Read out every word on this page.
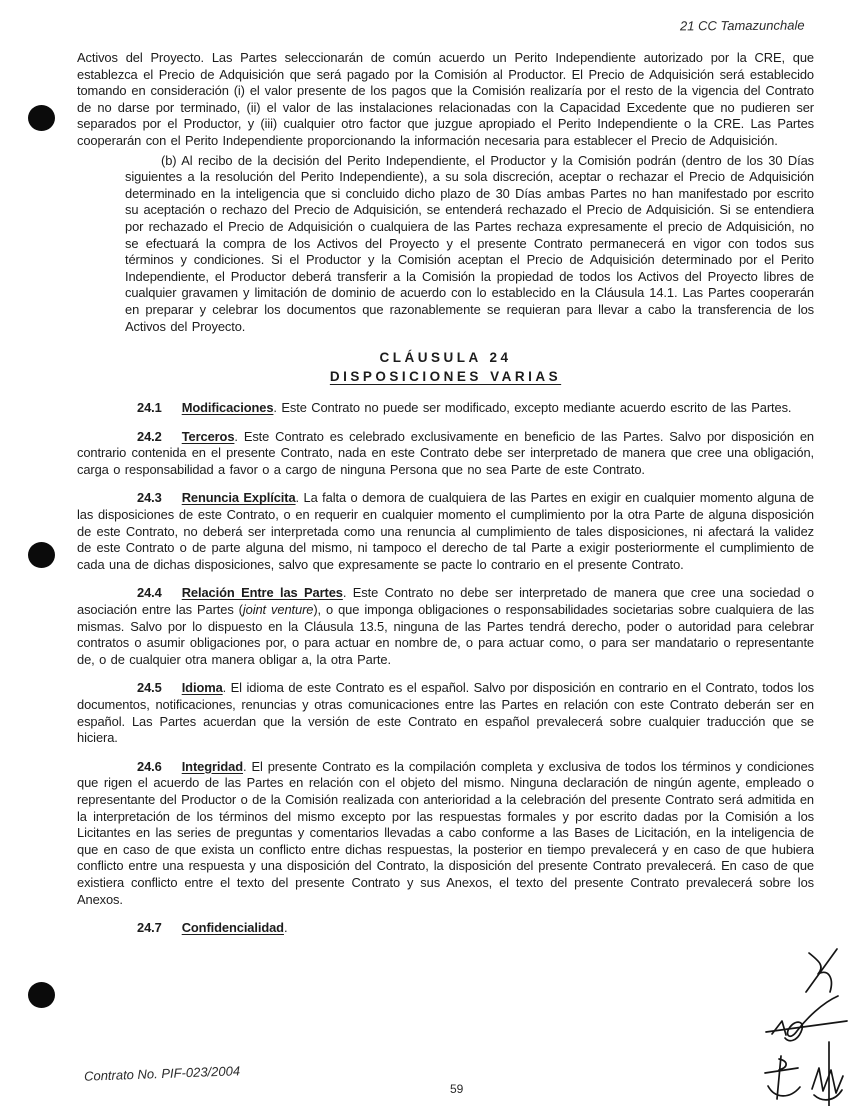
21 CC Tamazunchale

Activos del Proyecto. Las Partes seleccionarán de común acuerdo un Perito Independiente autorizado por la CRE, que establezca el Precio de Adquisición que será pagado por la Comisión al Productor. El Precio de Adquisición será establecido tomando en consideración (i) el valor presente de los pagos que la Comisión realizaría por el resto de la vigencia del Contrato de no darse por terminado, (ii) el valor de las instalaciones relacionadas con la Capacidad Excedente que no pudieren ser separados por el Productor, y (iii) cualquier otro factor que juzgue apropiado el Perito Independiente o la CRE. Las Partes cooperarán con el Perito Independiente proporcionando la información necesaria para establecer el Precio de Adquisición.

(b) Al recibo de la decisión del Perito Independiente, el Productor y la Comisión podrán (dentro de los 30 Días siguientes a la resolución del Perito Independiente), a su sola discreción, aceptar o rechazar el Precio de Adquisición determinado en la inteligencia que si concluido dicho plazo de 30 Días ambas Partes no han manifestado por escrito su aceptación o rechazo del Precio de Adquisición, se entenderá rechazado el Precio de Adquisición. Si se entendiera por rechazado el Precio de Adquisición o cualquiera de las Partes rechaza expresamente el precio de Adquisición, no se efectuará la compra de los Activos del Proyecto y el presente Contrato permanecerá en vigor con todos sus términos y condiciones. Si el Productor y la Comisión aceptan el Precio de Adquisición determinado por el Perito Independiente, el Productor deberá transferir a la Comisión la propiedad de todos los Activos del Proyecto libres de cualquier gravamen y limitación de dominio de acuerdo con lo establecido en la Cláusula 14.1. Las Partes cooperarán en preparar y celebrar los documentos que razonablemente se requieran para llevar a cabo la transferencia de los Activos del Proyecto.

CLÁUSULA 24
DISPOSICIONES VARIAS

24.1 Modificaciones. Este Contrato no puede ser modificado, excepto mediante acuerdo escrito de las Partes.

24.2 Terceros. Este Contrato es celebrado exclusivamente en beneficio de las Partes. Salvo por disposición en contrario contenida en el presente Contrato, nada en este Contrato debe ser interpretado de manera que cree una obligación, carga o responsabilidad a favor o a cargo de ninguna Persona que no sea Parte de este Contrato.

24.3 Renuncia Explícita. La falta o demora de cualquiera de las Partes en exigir en cualquier momento alguna de las disposiciones de este Contrato, o en requerir en cualquier momento el cumplimiento por la otra Parte de alguna disposición de este Contrato, no deberá ser interpretada como una renuncia al cumplimiento de tales disposiciones, ni afectará la validez de este Contrato o de parte alguna del mismo, ni tampoco el derecho de tal Parte a exigir posteriormente el cumplimiento de cada una de dichas disposiciones, salvo que expresamente se pacte lo contrario en el presente Contrato.

24.4 Relación Entre las Partes. Este Contrato no debe ser interpretado de manera que cree una sociedad o asociación entre las Partes (joint venture), o que imponga obligaciones o responsabilidades societarias sobre cualquiera de las mismas. Salvo por lo dispuesto en la Cláusula 13.5, ninguna de las Partes tendrá derecho, poder o autoridad para celebrar contratos o asumir obligaciones por, o para actuar en nombre de, o para actuar como, o para ser mandatario o representante de, o de cualquier otra manera obligar a, la otra Parte.

24.5 Idioma. El idioma de este Contrato es el español. Salvo por disposición en contrario en el Contrato, todos los documentos, notificaciones, renuncias y otras comunicaciones entre las Partes en relación con este Contrato deberán ser en español. Las Partes acuerdan que la versión de este Contrato en español prevalecerá sobre cualquier traducción que se hiciera.

24.6 Integridad. El presente Contrato es la compilación completa y exclusiva de todos los términos y condiciones que rigen el acuerdo de las Partes en relación con el objeto del mismo. Ninguna declaración de ningún agente, empleado o representante del Productor o de la Comisión realizada con anterioridad a la celebración del presente Contrato será admitida en la interpretación de los términos del mismo excepto por las respuestas formales y por escrito dadas por la Comisión a los Licitantes en las series de preguntas y comentarios llevadas a cabo conforme a las Bases de Licitación, en la inteligencia de que en caso de que exista un conflicto entre dichas respuestas, la posterior en tiempo prevalecerá y en caso de que hubiera conflicto entre una respuesta y una disposición del Contrato, la disposición del presente Contrato prevalecerá. En caso de que existiera conflicto entre el texto del presente Contrato y sus Anexos, el texto del presente Contrato prevalecerá sobre los Anexos.

24.7 Confidencialidad.

Contrato No. PIF-023/2004
59
